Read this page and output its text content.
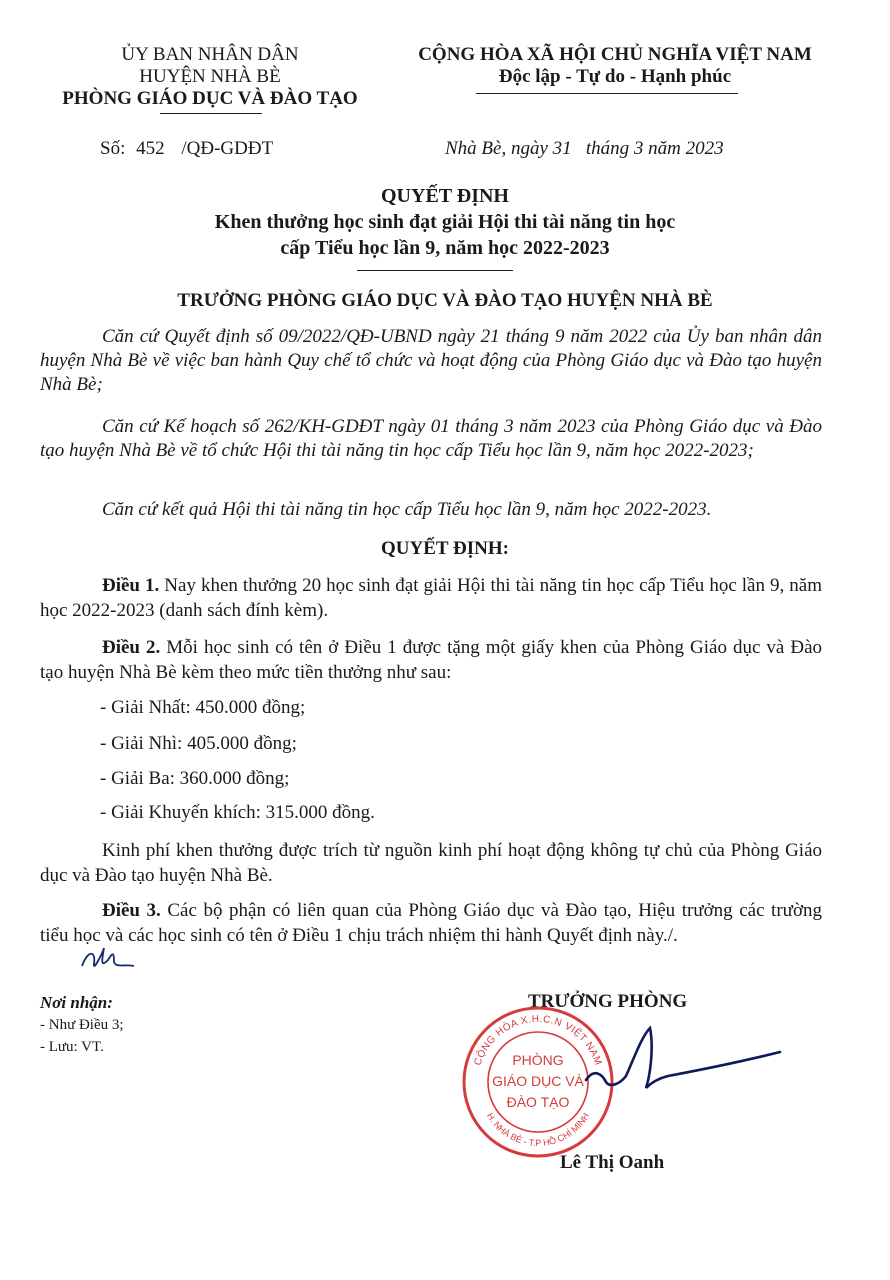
ỦY BAN NHÂN DÂN
HUYỆN NHÀ BÈ
PHÒNG GIÁO DỤC VÀ ĐÀO TẠO
CỘNG HÒA XÃ HỘI CHỦ NGHĨA VIỆT NAM
Độc lập - Tự do - Hạnh phúc
Số: 452 /QĐ-GDĐT	Nhà Bè, ngày 31   tháng 3 năm 2023
QUYẾT ĐỊNH
Khen thưởng học sinh đạt giải Hội thi tài năng tin học
cấp Tiểu học lần 9, năm học 2022-2023
TRƯỞNG PHÒNG GIÁO DỤC VÀ ĐÀO TẠO HUYỆN NHÀ BÈ
Căn cứ Quyết định số 09/2022/QĐ-UBND ngày 21 tháng 9 năm 2022 của Ủy ban nhân dân huyện Nhà Bè về việc ban hành Quy chế tổ chức và hoạt động của Phòng Giáo dục và Đào tạo huyện Nhà Bè;
Căn cứ Kế hoạch số 262/KH-GDĐT ngày 01 tháng 3 năm 2023 của Phòng Giáo dục và Đào tạo huyện Nhà Bè về tổ chức Hội thi tài năng tin học cấp Tiểu học lần 9, năm học 2022-2023;
Căn cứ kết quả Hội thi tài năng tin học cấp Tiểu học lần 9, năm học 2022-2023.
QUYẾT ĐỊNH:
Điều 1. Nay khen thưởng 20 học sinh đạt giải Hội thi tài năng tin học cấp Tiểu học lần 9, năm học 2022-2023 (danh sách đính kèm).
Điều 2. Mỗi học sinh có tên ở Điều 1 được tặng một giấy khen của Phòng Giáo dục và Đào tạo huyện Nhà Bè kèm theo mức tiền thưởng như sau:
- Giải Nhất: 450.000 đồng;
- Giải Nhì: 405.000 đồng;
- Giải Ba: 360.000 đồng;
- Giải Khuyến khích: 315.000 đồng.
Kinh phí khen thưởng được trích từ nguồn kinh phí hoạt động không tự chủ của Phòng Giáo dục và Đào tạo huyện Nhà Bè.
Điều 3. Các bộ phận có liên quan của Phòng Giáo dục và Đào tạo, Hiệu trưởng các trường tiểu học và các học sinh có tên ở Điều 1 chịu trách nhiệm thi hành Quyết định này./.
Nơi nhận:
- Như Điều 3;
- Lưu: VT.
TRƯỞNG PHÒNG
CỘNG HÒA X.H.C.N VIỆT NAM
H. NHÀ BÈ - T.P HỒ CHÍ MINH
PHÒNG
GIÁO DỤC VÀ
ĐÀO TẠO
Lê Thị Oanh
